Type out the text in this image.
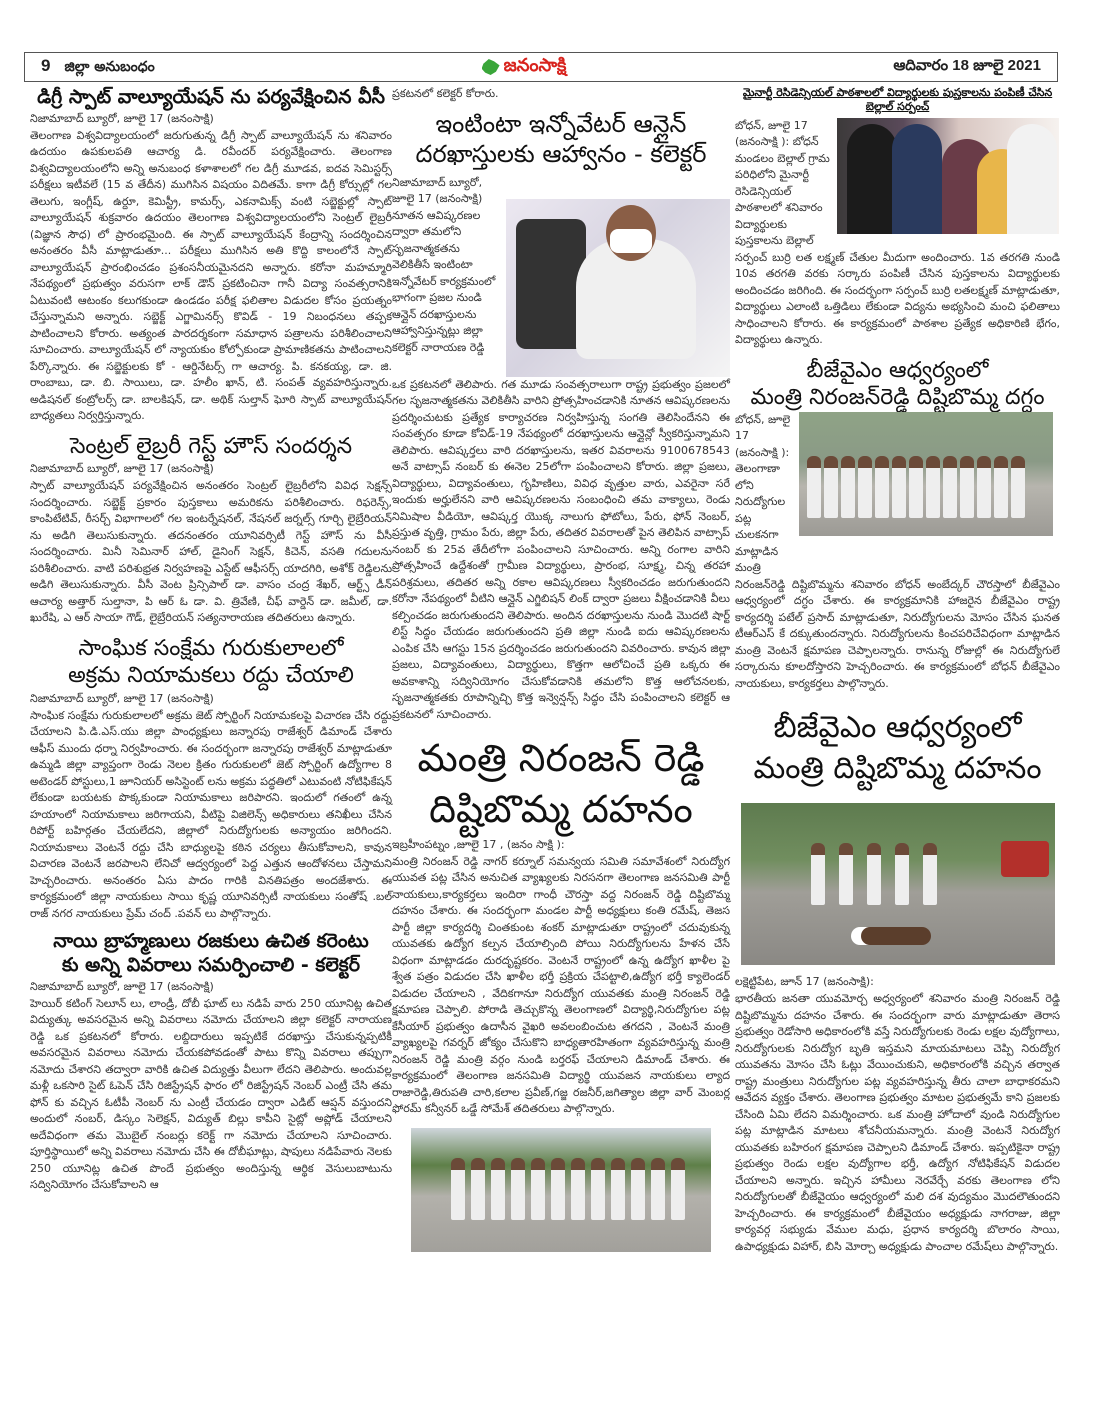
9 జిల్లా అనుబంధం	జనంసాక్షి	ఆదివారం 18 జూలై 2021
డిగ్రీ స్పాట్ వాల్యూయేషన్ ను పర్యవేక్షించిన వీసీ
నిజామాబాద్ బ్యూరో, జూలై 17 (జనంసాక్షి)

తెలంగాణ విశ్వవిద్యాలయంలో జరుగుతున్న డిగ్రీ స్పాట్ వాల్యూయేషన్ ను శనివారం ఉదయం ఉపకులపతి ఆచార్య డి. రవీందర్ పర్యవేక్షించారు. తెలంగాణ విశ్వవిద్యాలయంలోని అన్ని అనుబంధ కళాశాలలో గల డిగ్రీ మూడవ, ఐదవ సెమిస్టర్స్ పరీక్షలు ఇటీవలే (15 వ తేదీన) ముగిసిన విషయం విదితమే. కాగా డిగ్రీ కోర్సుల్లో గల తెలుగు, ఇంగ్లీష్, ఉర్దూ, కెమిస్ట్రీ, కామర్స్, ఎకనామిక్స్ వంటి సబ్జెక్టుల్లో స్పాట్ వాల్యూయేషన్ శుక్రవారం ఉదయం తెలంగాణ విశ్వవిద్యాలయంలోని సెంట్రల్ లైబ్రరీ (విజ్ఞాన సౌధ) లో ప్రారంభమైంది. ఈ స్పాట్ వాల్యూయేషన్ కేంద్రాన్ని సందర్శించిన అనంతరం వీసీ మాట్లాడుతూ... పరీక్షలు ముగిసిన అతి కొద్ది కాలంలోనే స్పాట్ వాల్యూయేషన్ ప్రారంభించడం ప్రశంసనీయమైనదని అన్నారు. కరోనా మహమ్మారి నేపథ్యంలో ప్రభుత్వం వరుసగా లాక్ డౌన్ ప్రకటించినా గానీ విద్యా సంవత్సరానికి ఏటువంటి ఆటంకం కలుగకుండా ఉండడం పరీక్ష ఫలితాల విడుదల కోసం ప్రయత్నం చేస్తున్నామని అన్నారు. సబ్జెక్ట్ ఎగ్జామినర్స్ కొవిడ్ - 19 నిబంధనలు తప్పక పాటించాలని కోరారు. అత్యంత పారదర్శకంగా సమాధాన పత్రాలను పరిశీలించాలని సూచించారు. వాల్యూయేషన్ లో న్యాయకుం కోల్పోకుండా ప్రామాణికతను పాటించాలని పేర్కొన్నారు. ఈ సబ్జెక్టులకు కో - ఆర్డినేటర్స్ గా ఆచార్య. పి. కనకయ్య, డా. జి. రాంబాబు, డా. బి. సాయిలు, డా. హలీం ఖాన్, టి. సంపత్ వ్యవహరిస్తున్నారు. అడిషనల్ కంట్రోలర్స్ డా. బాలకిషన్, డా. అథిక్ సుల్తాన్ ఘోరి స్పాట్ వాల్యూయేషన్ బాధ్యతలు నిర్వర్తిస్తున్నారు.

సెంట్రల్ లైబ్రరీ గెస్ట్ హౌస్ సందర్శన
నిజామాబాద్ బ్యూరో, జూలై 17 (జనంసాక్షి)

స్పాట్ వాల్యూయేషన్ పర్యవేక్షించిన అనంతరం సెంట్రల్ లైబ్రరీలోని వివిధ సెక్షన్స్ సందర్శించారు. సబ్జెక్ట్ ప్రకారం పుస్తకాలు అమరికను పరిశీలించారు. రిఫరెన్స్, కాంపిటేటివ్, రీసర్చ్ విభాగాలలో గల ఇంటర్నేషనల్, నేషనల్ జర్నల్స్ గూర్చి లైబ్రేరియన్ ను అడిగి తెలుసుకున్నారు. తదనంతరం యూనివర్సిటీ గెస్ట్ హౌస్ ను వీసీ సందర్శించారు. మినీ సెమినార్ హాల్, డైనింగ్ సెక్షన్, కిచెన్, వసతి గదులను పరిశీలించారు. వాటి పరిశుభ్రత నిర్వహణపై ఎస్టేట్ ఆఫీసర్స్ యాదగిరి, అశోక్ రెడ్డిలను అడిగి తెలుసుకున్నారు. వీసీ వెంట ప్రిన్సిపాల్ డా. వాసం చంద్ర శేఖర్, ఆర్ట్స్ డీన్ ఆచార్య అత్తార్ సుల్తానా, పి ఆర్ ఓ డా. వి. త్రివేణి, చీఫ్ వార్డెన్ డా. జమీల్, డా. ఖురేషి, ఎ ఆర్ సాయా గౌడ్, లైబ్రేరియన్ సత్యనారాయణ తదితరులు ఉన్నారు.

సాంఘిక సంక్షేమ గురుకులాలలో
అక్రమ నియామకలు రద్దు చేయాలి
నిజామాబాద్ బ్యూరో, జూలై 17 (జనంసాక్షి)

సాంఘిక సంక్షేమ గురుకులాలలో అక్రమ జెట్ స్పోర్టింగ్ నియామకలపై విచారణ చేసి రద్దు చేయాలని పి.డి.ఎస్.యు జిల్లా పాంధ్యక్షులు జన్నారపు రాజేశ్వర్ డిమాండ్ చేశారు ఆఫీస్ ముందు ధర్నా నిర్వహించారు. ఈ సందర్భంగా జన్నారపు రాజేశ్వర్ మాట్లాడుతూ ఉమ్మడి జిల్లా వ్యాప్తంగా రెండు నెలల క్రితం గురుకులలో జెట్ స్పోర్టింగ్ ఉద్యోగాల 8 అటెండర్ పోస్టులు,1 జూనియర్ అసిస్టెంట్ లను అక్రమ పద్ధతిలో ఎటువంటి నోటిఫికేషన్ లేకుండా బయటకు పొక్కకుండా నియామకాలు జరిపారని. ఇందులో గతంలో ఉన్న హయాంలో నియామకాలు జరిగాయని, వీటిపై విజిలెన్స్ అధికారులు తనిఖీలు చేసిన రిపోర్ట్ బహిర్గతం చేయలేదని, జిల్లాలో నిరుద్యోగులకు అన్యాయం జరిగిందని. నియామకాలు వెంటనే రద్దు చేసి బాధ్యులపై కఠిన చర్యలు తీసుకోవాలని, కావున విచారణ వెంటనే జరపాలని లేనిచో ఆద్వర్యంలో పెద్ద ఎత్తున ఆందోళనలు చేస్తామని హెచ్చరించారు. అనంతరం ఏసు పాదం గారికి వినతిపత్రం అందజేశారు. ఈ కార్యక్రమంలో జిల్లా నాయకులు సాయి కృష్ణ యూనివర్సిటీ నాయకులు సంతోష్ .బల్ రాజ్ నగర నాయకులు ప్రేమ్ చంద్ .పవన్ లు పాల్గొన్నారు.

నాయి బ్రాహ్మణులు రజకులు ఉచిత కరెంటు
కు అన్ని వివరాలు సమర్పించాలి - కలెక్టర్
నిజామాబాద్ బ్యూరో, జూలై 17 (జనంసాక్షి)

హెయిర్ కటింగ్ సెలూన్ లు, లాండ్రీ, దోబీ ఘాట్ లు నడిపే వారు 250 యూనిట్ల ఉచిత విద్యుత్కు అవసరమైన అన్ని వివరాలు నమోదు చేయాలని జిల్లా కలెక్టర్ నారాయణ రెడ్డి ఒక ప్రకటనలో కోరారు. లబ్దిదారులు ఇప్పటికే దరఖాస్తు చేసుకున్నప్పటికీ అవసరమైన వివరాలు నమోదు చేయకపోవడంతో పాటు కొన్ని వివరాలు తప్పుగా నమోదు చేశారని తద్వారా వారికి ఉచిత విద్యుత్తు వీలుగా లేదని తెలిపారు. అందువల్ల మళ్లీ ఒకసారి సైట్ ఓపెన్ చేసి రిజిస్ట్రేషన్ ఫారం లో రిజిస్ట్రేషన్ నెంబర్ ఎంట్రీ చేసి తమ ఫోన్ కు వచ్చిన ఓటీపీ నెంబర్ ను ఎంట్రీ చేయడం ద్వారా ఎడిట్ ఆప్షన్ వస్తుందని అందులో నంబర్, డిస్కం సెలెక్షన్, విద్యుత్ బిల్లు కాపీని సైట్లో అప్లోడ్ చేయాలని అదేవిధంగా తమ మొబైల్ నంబర్లు కరెక్ట్ గా నమోదు చేయాలని సూచించారు. పూర్తిస్థాయిలో అన్ని వివరాలు నమోదు చేసి ఈ దోబీఘాట్లు, షాపులు నడిపేవారు నెలకు 250 యూనిట్ల ఉచిత పొందే ప్రభుత్వం అందిస్తున్న ఆర్థిక వెసులుబాటును సద్వినియోగం చేసుకోవాలని ఆ

ప్రకటనలో కలెక్టర్ కోరారు.

ఇంటింటా ఇన్నోవేటర్ ఆన్లైన్
దరఖాస్తులకు ఆహ్వానం - కలెక్టర్

నిజామాబాద్ బ్యూరో, జూలై 17 (జనంసాక్షి) నూతన ఆవిష్కరణల ద్వారా తమలోని సృజనాత్మకతను వెలికితీసే ఇంటింటా ఇన్నోవేటర్ కార్యక్రమంలో భాగంగా ప్రజల నుండి ఆన్లైన్ దరఖాస్తులను ఆహ్వానిస్తున్నట్లు జిల్లా కలెక్టర్ నారాయణ రెడ్డి

ఒక ప్రకటనలో తెలిపారు. గత మూడు సంవత్సరాలుగా రాష్ట్ర ప్రభుత్వం ప్రజలలో గల సృజనాత్మకతను వెలికితీసి వారిని ప్రోత్సహించడానికి నూతన ఆవిష్కరణలను ప్రదర్శించుటకు ప్రత్యేక కార్యాచరణ నిర్వహిస్తున్న సంగతి తెలిసిందేనని ఈ సంవత్సరం కూడా కోవిడ్-19 నేపథ్యంలో దరఖాస్తులను ఆన్లైన్లో స్వీకరిస్తున్నామని తెలిపారు. ఆవిష్కర్తలు వారి దరఖాస్తులను, ఇతర వివరాలను 9100678543 అనే వాట్సాప్ నంబర్ కు ఈనెల 25లోగా పంపించాలని కోరారు. జిల్లా ప్రజలు, విద్యార్థులు, విద్యావంతులు, గృహిణిలు, వివిధ వృత్తుల వారు, ఎవరైనా సరే ఇందుకు అర్హులేనని వారి ఆవిష్కరణలను సంబంధించి తమ వాక్యాలు, రెండు నిమిషాల వీడియో, ఆవిష్కర్త యొక్క నాలుగు ఫోటోలు, పేరు, ఫోన్ నెంబర్, ప్రస్తుత వృత్తి, గ్రామం పేరు, జిల్లా పేరు, తదితర వివరాలతో పైన తెలిపిన వాట్సాప్ నంబర్ కు 25వ తేదీలోగా పంపించాలని సూచించారు. అన్ని రంగాల వారిని ప్రోత్సహించే ఉద్దేశంతో గ్రామీణ విద్యార్థులు, ప్రారంభ, సూక్ష్మ, చిన్న తరహా పరిశ్రమలు, తదితర అన్ని రకాల ఆవిష్కరణలు స్వీకరించడం జరుగుతుందని కరోనా నేపథ్యంలో వీటిని ఆన్లైన్ ఎగ్జిబిషన్ లింక్ ద్వారా ప్రజలు వీక్షించడానికి వీలు కల్పించడం జరుగుతుందని తెలిపారు. అందిన దరఖాస్తులను నుండి మొదటి షార్ట్ లిస్ట్ సిద్ధం చేయడం జరుగుతుందని ప్రతి జిల్లా నుండి ఐదు ఆవిష్కరణలను ఎంపిక చేసి ఆగస్టు 15న ప్రదర్శించడం జరుగుతుందని వివరించారు. కావున జిల్లా ప్రజలు, విద్యావంతులు, విద్యార్థులు, కొత్తగా ఆలోచించే ప్రతి ఒక్కరు ఈ అవకాశాన్ని సద్వినియోగం చేసుకోవడానికి తమలోని కొత్త ఆలోచనలకు, సృజనాత్మకతకు రూపాన్నిచ్చి కొత్త ఇన్వెన్షన్స్ సిద్ధం చేసి పంపించాలని కలెక్టర్ ఆ ప్రకటనలో సూచించారు.

మంత్రి నిరంజన్ రెడ్డి
దిష్టిబొమ్మ దహనం
ఇబ్రహీంపట్నం ,జూలై 17 , (జనం సాక్షి ):

మంత్రి నిరంజన్ రెడ్డి నాగర్ కర్నూల్ సమన్వయ సమితి సమావేశంలో నిరుద్యోగ యువత పట్ల చేసిన అనుచిత వ్యాఖ్యలకు నిరసనగా తెలంగాణ జనసమితి పార్టీ నాయకులు,కార్యకర్తలు ఇందిరా గాంధీ చౌరస్తా వద్ద నిరంజన్ రెడ్డి దిష్టిబొమ్మ దహనం చేశారు. ఈ సందర్భంగా మండల పార్టీ అధ్యక్షులు కంతి రమేష్, తెజస పార్టీ జిల్లా కార్యదర్శి చింతకుంట శంకర్ మాట్లాడుతూ రాష్ట్రంలో చదువుకున్న యువతకు ఉద్యోగ కల్పన చేయాల్సింది పోయి నిరుద్యోగులను హేళన చేసే విధంగా మాట్లాడడం దురదృష్టకరం. వెంటనే రాష్ట్రంలో ఉన్న ఉద్యోగ ఖాళీల పై శ్వేత పత్రం విడుదల చేసి ఖాళీల భర్తీ ప్రక్రియ చేపట్టాలి,ఉద్యోగ భర్తీ క్యాలెండర్ విడుదల చేయాలని , వేదికగానూ నిరుద్యోగ యువతకు మంత్రి నిరంజన్ రెడ్డి క్షమాపణ చెప్పాలి. పోరాడి తెచ్చుకొన్న తెలంగాణలో విద్యార్థి,నిరుద్యోగుల పట్ల కేసీయార్ ప్రభుత్వం ఉదాసీన వైఖరి అవలంబించుట తగదని , వెంటనే మంత్రి వ్యాఖ్యలపై గవర్నర్ జోక్యం చేసుకొని బాధ్యతారహితంగా వ్యవహరిస్తున్న మంత్రి నిరంజన్ రెడ్డి మంత్రి వర్గం నుండి బర్తరఫ్ చేయాలని డిమాండ్ చేశారు. ఈ కార్యక్రమంలో తెలంగాణ జనసమితి విద్యార్థి యువజన నాయకులు ల్యాద రాజారెడ్డి,తిరుపతి చారి,కలాల ప్రవీణ్,గజ్జ రజనీర్,జగిత్యాల జిల్లా వార్ మెంబర్ల ఫోరమ్ కన్వీనర్ ఒడ్డే సోమేశ్ తదితరులు పాల్గొన్నారు.

మైనార్టీ రెసిడెన్సియల్ పాఠశాలలో విద్యార్థులకు పుస్తకాలను పంపిణీ చేసిన బెల్లాల్ సర్పంచ్

బోధన్, జూలై 17 (జనంసాక్షి ): బోధన్ మండలం బెల్లాల్ గ్రామ పరిధిలోని మైనార్టీ రెసిడెన్సియల్ పాఠశాలలో శనివారం విద్యార్థులకు పుస్తకాలను బెల్లాల్

సర్పంచ్ బుర్రి లత లక్ష్మణ్ చేతుల మీదుగా అందించారు. 1వ తరగతి నుండి 10వ తరగతి వరకు సర్కారు పంపిణీ చేసిన పుస్తకాలను విద్యార్థులకు అందించడం జరిగింది. ఈ సందర్భంగా సర్పంచ్ బుర్రి లతలక్ష్మణ్ మాట్లాడుతూ, విద్యార్థులు ఎలాంటి ఒత్తిడిలు లేకుండా విద్యను అభ్యసించి మంచి ఫలితాలు సాధించాలని కోరారు. ఈ కార్యక్రమంలో పాఠశాల ప్రత్యేక అధికారిణి భేగం, విద్యార్థులు ఉన్నారు.

బీజేవైఎం ఆధ్వర్యంలో
మంత్రి నిరంజన్‌రెడ్డి దిష్టిబొమ్మ దగ్ధం

బోధన్, జూలై 17 (జనంసాక్షి ): తెలంగాణా లోని నిరుద్యోగుల పట్ల చులకనగా మాట్లాడిన మంత్రి

నిరంజన్‌రెడ్డి దిష్టిబొమ్మను శనివారం బోధన్ అంబేద్కర్ చౌరస్తాలో బీజేవైఎం ఆధ్వర్యంలో దగ్ధం చేశారు. ఈ కార్యక్రమానికి హాజరైన బీజేవైఎం రాష్ట్ర కార్యదర్శి పటేల్ ప్రసాద్ మాట్లాడుతూ, నిరుద్యోగులను మోసం చేసిన ఘనత టీఆర్ఎస్ కే దక్కుతుందన్నారు. నిరుద్యోగులను కించపరిచేవిధంగా మాట్లాడిన మంత్రి వెంటనే క్షమాపణ చెప్పాలన్నారు. రానున్న రోజుల్లో ఈ నిరుద్యోగులే సర్కారును కూలదోస్తారని హెచ్చరించారు. ఈ కార్యక్రమంలో బోధన్ బీజేవైఎం నాయకులు, కార్యకర్తలు పాల్గొన్నారు.

బీజేవైఎం ఆధ్వర్యంలో
మంత్రి దిష్టిబొమ్మ దహనం
లక్షెట్టిపేట, జూన్ 17 (జనంసాక్షి):

భారతీయ జనతా యువమోర్చ అధ్వర్యంలో శనివారం మంత్రి నిరంజన్ రెడ్డి దిష్టిబొమ్మను దహనం చేశారు. ఈ సందర్భంగా వారు మాట్లాడుతూ తెరాస ప్రభుత్వం రెడోసారి అధికారంలోకి వస్తే నిరుద్యోగులకు రెండు లక్షల వుద్యోగాలు, నిరుద్యోగులకు నిరుద్యోగ బృతి ఇస్తమని మాయమాటలు చెప్పి నిరుద్యోగ యువతను మోసం చేసి ఓట్లు వేయించుకుని, అధికారంలోకి వచ్చిన తర్వాత రాష్ట్ర మంత్రులు నిరుద్యోగుల పట్ల వ్యవహరిస్తున్న తీరు చాలా బాధాకరమని ఆవేదన వ్యక్తం చేశారు. తెలంగాణ ప్రభుత్వం మాటల ప్రభుత్వమే కాని ప్రజలకు చేసింది ఏమి లేదని విమర్శించారు. ఒక మంత్రి హోదాలో వుండి నిరుద్యోగుల పట్ల మాట్లాడిన మాటలు శోచనీయమన్నారు. మంత్రి వెంటనే నిరుద్యోగ యువతకు బహిరంగ క్షమాపణ చెప్పాలని డిమాండ్ చేశారు. ఇప్పటికైనా రాష్ట్ర ప్రభుత్వం రెండు లక్షల వుద్యోగాల భర్తీ, ఉద్యోగ నోటిఫికేషన్ విడుదల చేయాలని అన్నారు. ఇచ్చిన హామీలు నెరవేర్చే వరకు తెలంగాణ లోని నిరుద్యోగులతో బీజేవైయం ఆధ్వర్యంలో మలి దశ వుద్యమం మొదలౌతుందని హెచ్చరించారు. ఈ కార్యక్రమంలో బీజేవైయం అధ్యక్షుడు నాగరాజు, జిల్లా కార్యవర్గ సభ్యుడు వేముల మధు, ప్రధాన కార్యదర్శి బొలారం సాయి, ఉపాధ్యక్షుడు విహార్, బిసి మోర్చా అధ్యక్షుడు పాంచాల రమేష్‌లు పాల్గొన్నారు.
